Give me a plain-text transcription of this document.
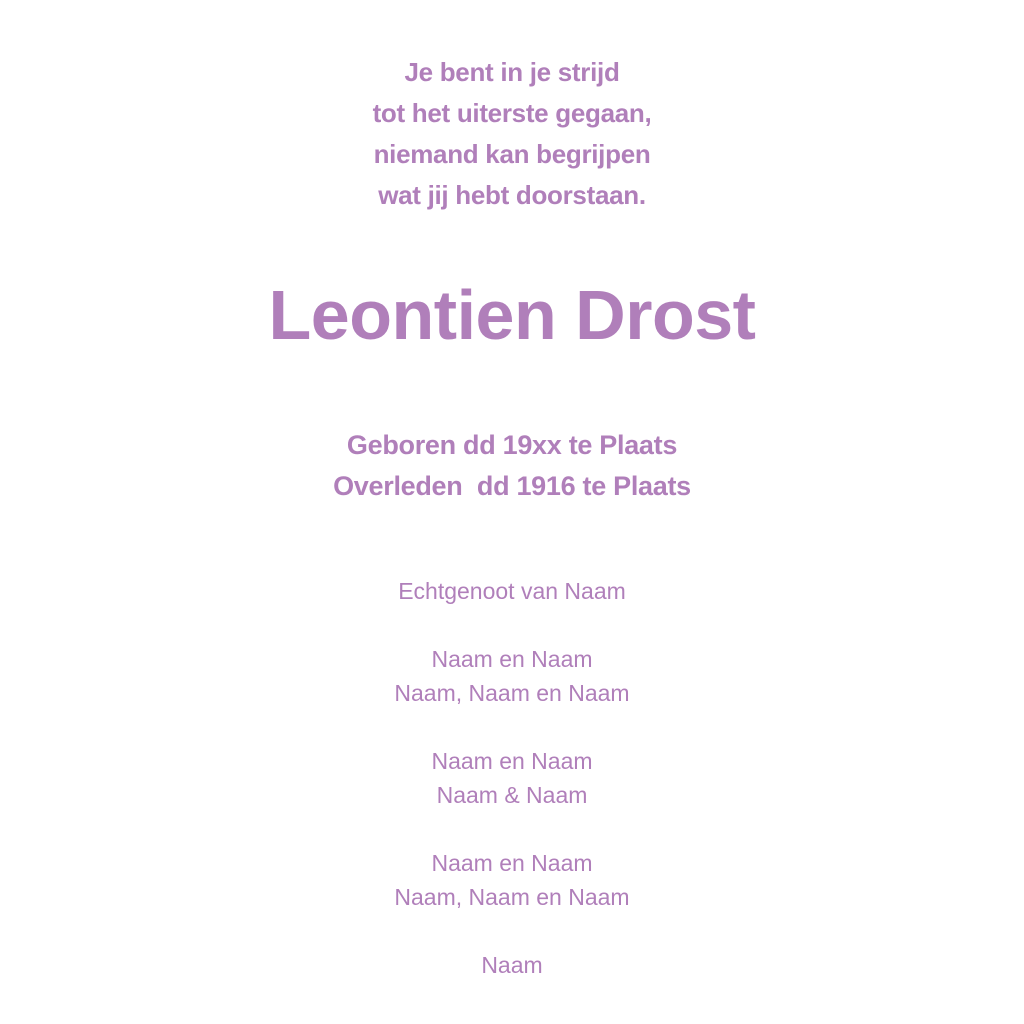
Je bent in je strijd
tot het uiterste gegaan,
niemand kan begrijpen
wat jij hebt doorstaan.
Leontien Drost
Geboren dd 19xx te Plaats
Overleden  dd 1916 te Plaats
Echtgenoot van Naam
Naam en Naam
Naam, Naam en Naam
Naam en Naam
Naam & Naam
Naam en Naam
Naam, Naam en Naam
Naam
